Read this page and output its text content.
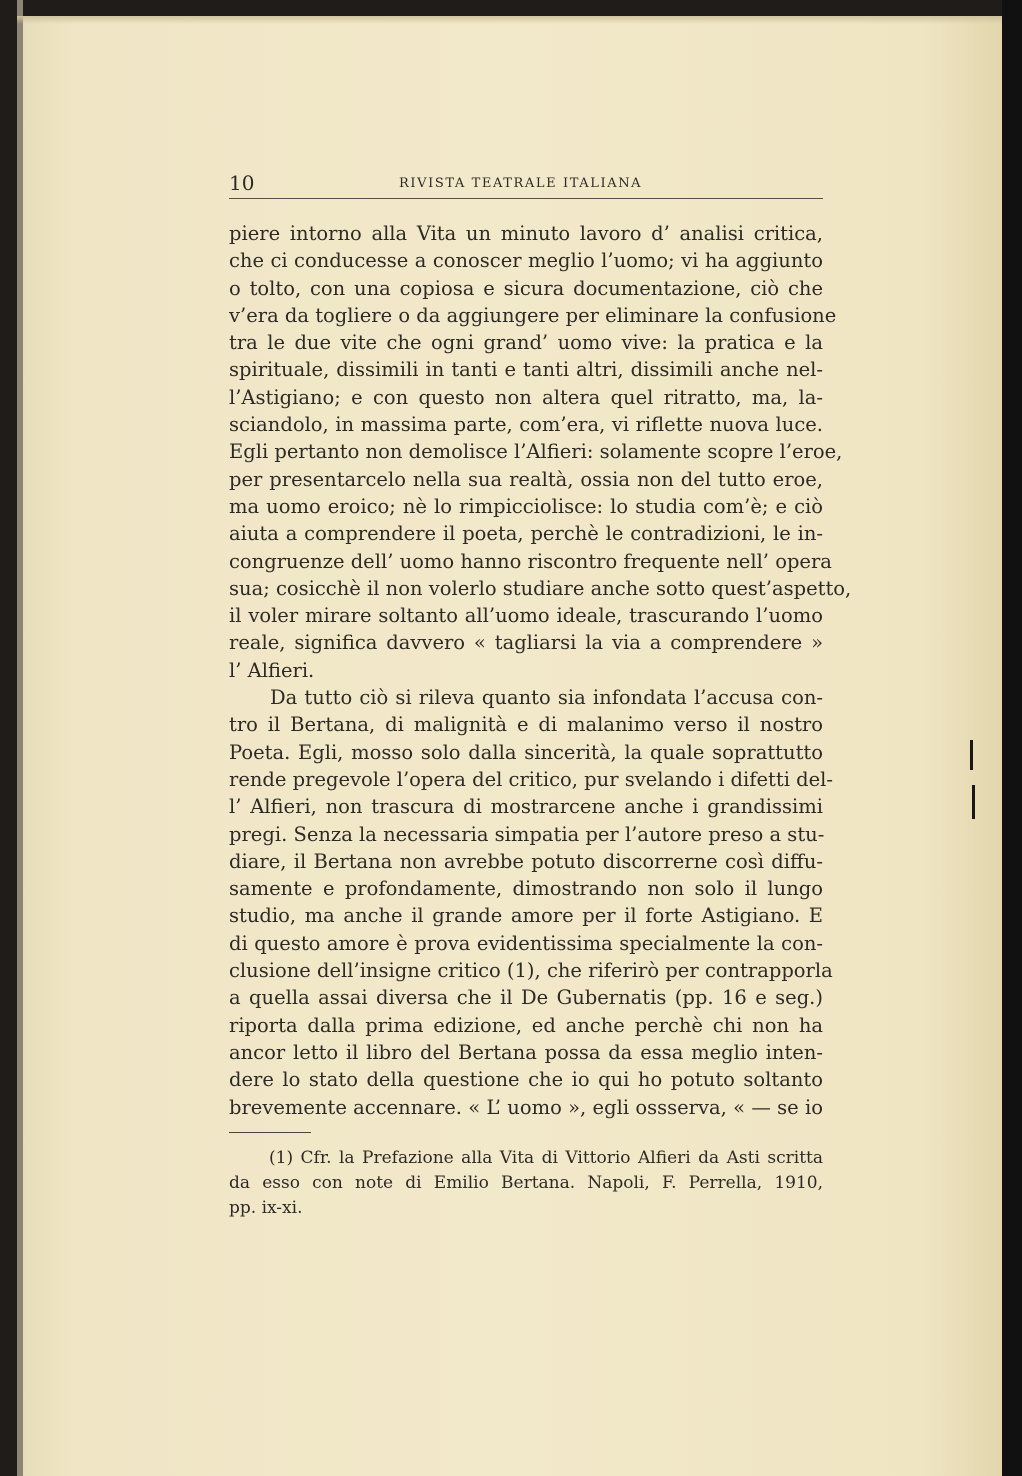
10	RIVISTA TEATRALE ITALIANA
piere intorno alla Vita un minuto lavoro d’ analisi critica,
che ci conducesse a conoscer meglio l’uomo; vi ha aggiunto
o tolto, con una copiosa e sicura documentazione, ciò che
v’era da togliere o da aggiungere per eliminare la confusione
tra le due vite che ogni grand’ uomo vive: la pratica e la
spirituale, dissimili in tanti e tanti altri, dissimili anche nel-
l’Astigiano; e con questo non altera quel ritratto, ma, la-
sciandolo, in massima parte, com’era, vi riflette nuova luce.
Egli pertanto non demolisce l’Alfieri: solamente scopre l’eroe,
per presentarcelo nella sua realtà, ossia non del tutto eroe,
ma uomo eroico; nè lo rimpicciolisce: lo studia com’è; e ciò
aiuta a comprendere il poeta, perchè le contradizioni, le in-
congruenze dell’ uomo hanno riscontro frequente nell’ opera
sua; cosicchè il non volerlo studiare anche sotto quest’aspetto,
il voler mirare soltanto all’uomo ideale, trascurando l’uomo
reale, significa davvero « tagliarsi la via a comprendere »
l’ Alfieri.
Da tutto ciò si rileva quanto sia infondata l’accusa con-
tro il Bertana, di malignità e di malanimo verso il nostro
Poeta. Egli, mosso solo dalla sincerità, la quale soprattutto
rende pregevole l’opera del critico, pur svelando i difetti del-
l’ Alfieri, non trascura di mostrarcene anche i grandissimi
pregi. Senza la necessaria simpatia per l’autore preso a stu-
diare, il Bertana non avrebbe potuto discorrerne così diffu-
samente e profondamente, dimostrando non solo il lungo
studio, ma anche il grande amore per il forte Astigiano. E
di questo amore è prova evidentissima specialmente la con-
clusione dell’insigne critico (1), che riferirò per contrapporla
a quella assai diversa che il De Gubernatis (pp. 16 e seg.)
riporta dalla prima edizione, ed anche perchè chi non ha
ancor letto il libro del Bertana possa da essa meglio inten-
dere lo stato della questione che io qui ho potuto soltanto
brevemente accennare. « L’ uomo », egli ossserva, « — se io
(1) Cfr. la Prefazione alla Vita di Vittorio Alfieri da Asti scritta
da esso con note di Emilio Bertana. Napoli, F. Perrella, 1910,
pp. ix-xi.
